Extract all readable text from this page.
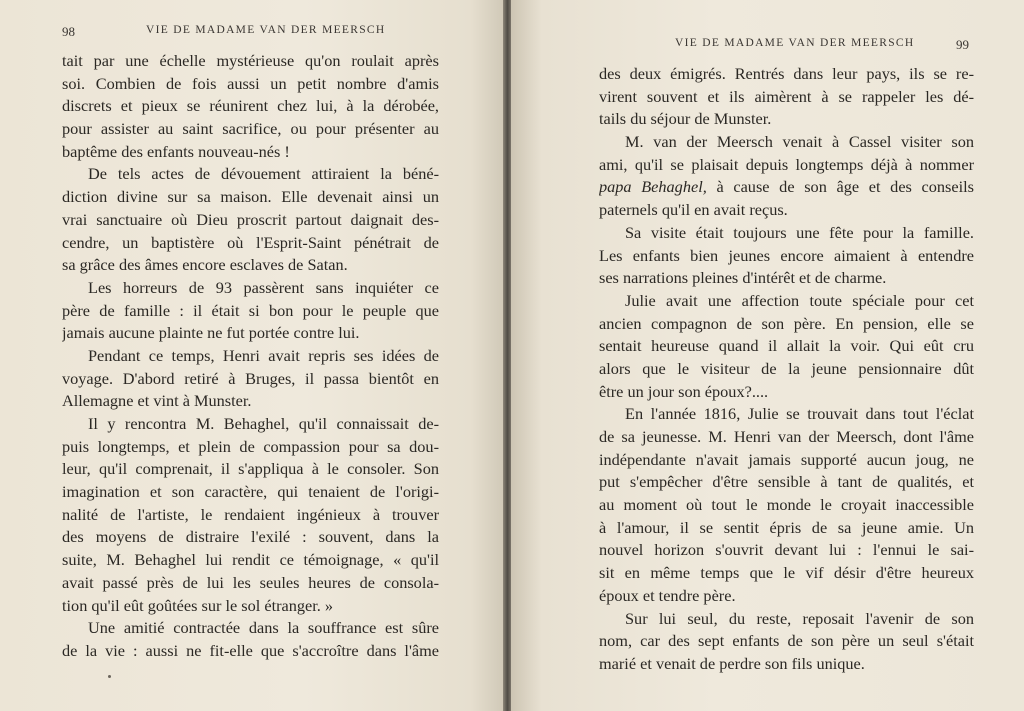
98	VIE DE MADAME VAN DER MEERSCH
tait par une échelle mystérieuse qu'on roulait après
soi. Combien de fois aussi un petit nombre d'amis
discrets et pieux se réunirent chez lui, à la dérobée,
pour assister au saint sacrifice, ou pour présenter au
baptême des enfants nouveau-nés !
De tels actes de dévouement attiraient la béné-
diction divine sur sa maison. Elle devenait ainsi un
vrai sanctuaire où Dieu proscrit partout daignait des-
cendre, un baptistère où l'Esprit-Saint pénétrait de
sa grâce des âmes encore esclaves de Satan.
Les horreurs de 93 passèrent sans inquiéter ce
père de famille : il était si bon pour le peuple que
jamais aucune plainte ne fut portée contre lui.
Pendant ce temps, Henri avait repris ses idées de
voyage. D'abord retiré à Bruges, il passa bientôt en
Allemagne et vint à Munster.
Il y rencontra M. Behaghel, qu'il connaissait de-
puis longtemps, et plein de compassion pour sa dou-
leur, qu'il comprenait, il s'appliqua à le consoler. Son
imagination et son caractère, qui tenaient de l'origi-
nalité de l'artiste, le rendaient ingénieux à trouver
des moyens de distraire l'exilé : souvent, dans la
suite, M. Behaghel lui rendit ce témoignage, « qu'il
avait passé près de lui les seules heures de consola-
tion qu'il eût goûtées sur le sol étranger. »
Une amitié contractée dans la souffrance est sûre
de la vie : aussi ne fit-elle que s'accroître dans l'âme
VIE DE MADAME VAN DER MEERSCH	99
des deux émigrés. Rentrés dans leur pays, ils se re-
virent souvent et ils aimèrent à se rappeler les dé-
tails du séjour de Munster.
M. van der Meersch venait à Cassel visiter son
ami, qu'il se plaisait depuis longtemps déjà à nommer
papa Behaghel, à cause de son âge et des conseils
paternels qu'il en avait reçus.
Sa visite était toujours une fête pour la famille.
Les enfants bien jeunes encore aimaient à entendre
ses narrations pleines d'intérêt et de charme.
Julie avait une affection toute spéciale pour cet
ancien compagnon de son père. En pension, elle se
sentait heureuse quand il allait la voir. Qui eût cru
alors que le visiteur de la jeune pensionnaire dût
être un jour son époux?....
En l'année 1816, Julie se trouvait dans tout l'éclat
de sa jeunesse. M. Henri van der Meersch, dont l'âme
indépendante n'avait jamais supporté aucun joug, ne
put s'empêcher d'être sensible à tant de qualités, et
au moment où tout le monde le croyait inaccessible
à l'amour, il se sentit épris de sa jeune amie. Un
nouvel horizon s'ouvrit devant lui : l'ennui le sai-
sit en même temps que le vif désir d'être heureux
époux et tendre père.
Sur lui seul, du reste, reposait l'avenir de son
nom, car des sept enfants de son père un seul s'était
marié et venait de perdre son fils unique.
